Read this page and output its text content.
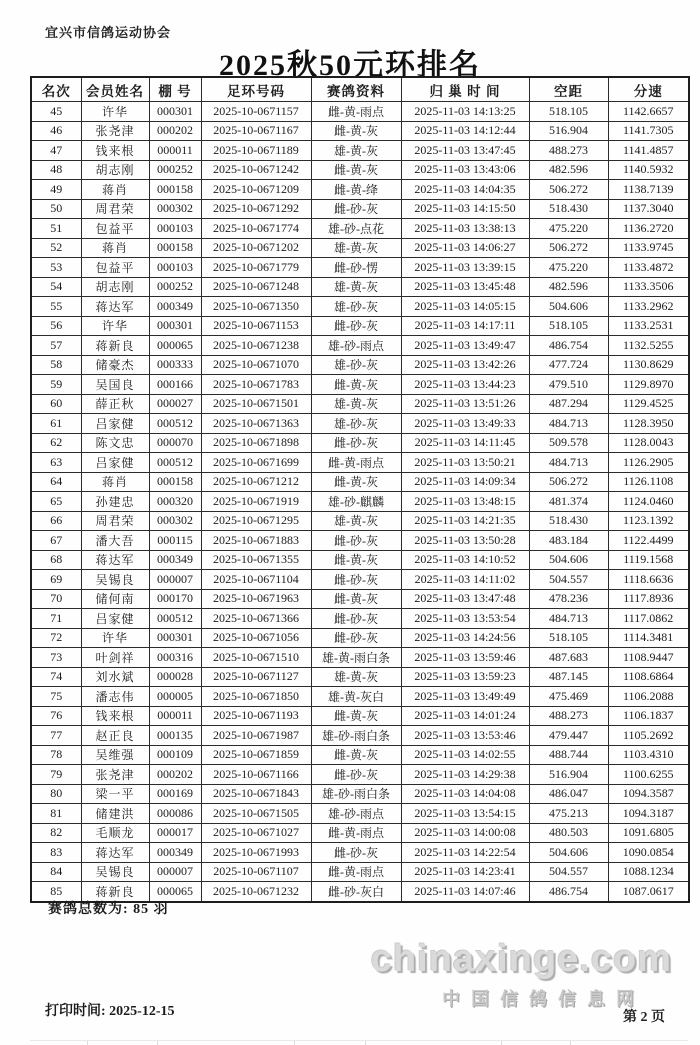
宜兴市信鸽运动协会
2025秋50元环排名
名次	会员姓名	棚 号	足环号码	赛鸽资料	归 巢 时 间	空距	分速
45	许华	000301	2025-10-0671157	雌-黄-雨点	2025-11-03 14:13:25	518.105	1142.6657
46	张尧津	000202	2025-10-0671167	雌-黄-灰	2025-11-03 14:12:44	516.904	1141.7305
47	钱来根	000011	2025-10-0671189	雄-黄-灰	2025-11-03 13:47:45	488.273	1141.4857
48	胡志刚	000252	2025-10-0671242	雌-黄-灰	2025-11-03 13:43:06	482.596	1140.5932
49	蒋肖	000158	2025-10-0671209	雌-黄-绛	2025-11-03 14:04:35	506.272	1138.7139
50	周君荣	000302	2025-10-0671292	雌-砂-灰	2025-11-03 14:15:50	518.430	1137.3040
51	包益平	000103	2025-10-0671774	雄-砂-点花	2025-11-03 13:38:13	475.220	1136.2720
52	蒋肖	000158	2025-10-0671202	雄-黄-灰	2025-11-03 14:06:27	506.272	1133.9745
53	包益平	000103	2025-10-0671779	雌-砂-愣	2025-11-03 13:39:15	475.220	1133.4872
54	胡志刚	000252	2025-10-0671248	雄-黄-灰	2025-11-03 13:45:48	482.596	1133.3506
55	蒋达军	000349	2025-10-0671350	雄-砂-灰	2025-11-03 14:05:15	504.606	1133.2962
56	许华	000301	2025-10-0671153	雌-砂-灰	2025-11-03 14:17:11	518.105	1133.2531
57	蒋新良	000065	2025-10-0671238	雄-砂-雨点	2025-11-03 13:49:47	486.754	1132.5255
58	储豪杰	000333	2025-10-0671070	雄-砂-灰	2025-11-03 13:42:26	477.724	1130.8629
59	吴国良	000166	2025-10-0671783	雌-黄-灰	2025-11-03 13:44:23	479.510	1129.8970
60	薛正秋	000027	2025-10-0671501	雄-黄-灰	2025-11-03 13:51:26	487.294	1129.4525
61	吕家健	000512	2025-10-0671363	雄-砂-灰	2025-11-03 13:49:33	484.713	1128.3950
62	陈文忠	000070	2025-10-0671898	雌-砂-灰	2025-11-03 14:11:45	509.578	1128.0043
63	吕家健	000512	2025-10-0671699	雌-黄-雨点	2025-11-03 13:50:21	484.713	1126.2905
64	蒋肖	000158	2025-10-0671212	雌-黄-灰	2025-11-03 14:09:34	506.272	1126.1108
65	孙建忠	000320	2025-10-0671919	雄-砂-麒麟	2025-11-03 13:48:15	481.374	1124.0460
66	周君荣	000302	2025-10-0671295	雄-黄-灰	2025-11-03 14:21:35	518.430	1123.1392
67	潘大吾	000115	2025-10-0671883	雌-砂-灰	2025-11-03 13:50:28	483.184	1122.4499
68	蒋达军	000349	2025-10-0671355	雌-黄-灰	2025-11-03 14:10:52	504.606	1119.1568
69	吴锡良	000007	2025-10-0671104	雌-砂-灰	2025-11-03 14:11:02	504.557	1118.6636
70	储何南	000170	2025-10-0671963	雌-黄-灰	2025-11-03 13:47:48	478.236	1117.8936
71	吕家健	000512	2025-10-0671366	雌-砂-灰	2025-11-03 13:53:54	484.713	1117.0862
72	许华	000301	2025-10-0671056	雌-砂-灰	2025-11-03 14:24:56	518.105	1114.3481
73	叶剑祥	000316	2025-10-0671510	雄-黄-雨白条	2025-11-03 13:59:46	487.683	1108.9447
74	刘水斌	000028	2025-10-0671127	雄-黄-灰	2025-11-03 13:59:23	487.145	1108.6864
75	潘志伟	000005	2025-10-0671850	雄-黄-灰白	2025-11-03 13:49:49	475.469	1106.2088
76	钱来根	000011	2025-10-0671193	雌-黄-灰	2025-11-03 14:01:24	488.273	1106.1837
77	赵正良	000135	2025-10-0671987	雄-砂-雨白条	2025-11-03 13:53:46	479.447	1105.2692
78	吴维强	000109	2025-10-0671859	雌-黄-灰	2025-11-03 14:02:55	488.744	1103.4310
79	张尧津	000202	2025-10-0671166	雌-砂-灰	2025-11-03 14:29:38	516.904	1100.6255
80	梁一平	000169	2025-10-0671843	雄-砂-雨白条	2025-11-03 14:04:08	486.047	1094.3587
81	储建洪	000086	2025-10-0671505	雄-砂-雨点	2025-11-03 13:54:15	475.213	1094.3187
82	毛顺龙	000017	2025-10-0671027	雌-黄-雨点	2025-11-03 14:00:08	480.503	1091.6805
83	蒋达军	000349	2025-10-0671993	雌-砂-灰	2025-11-03 14:22:54	504.606	1090.0854
84	吴锡良	000007	2025-10-0671107	雌-黄-雨点	2025-11-03 14:23:41	504.557	1088.1234
85	蒋新良	000065	2025-10-0671232	雌-砂-灰白	2025-11-03 14:07:46	486.754	1087.0617
赛鸽总数为: 85 羽
chinaxinge.com
中国信鸽信息网
打印时间: 2025-12-15	第 2 页
